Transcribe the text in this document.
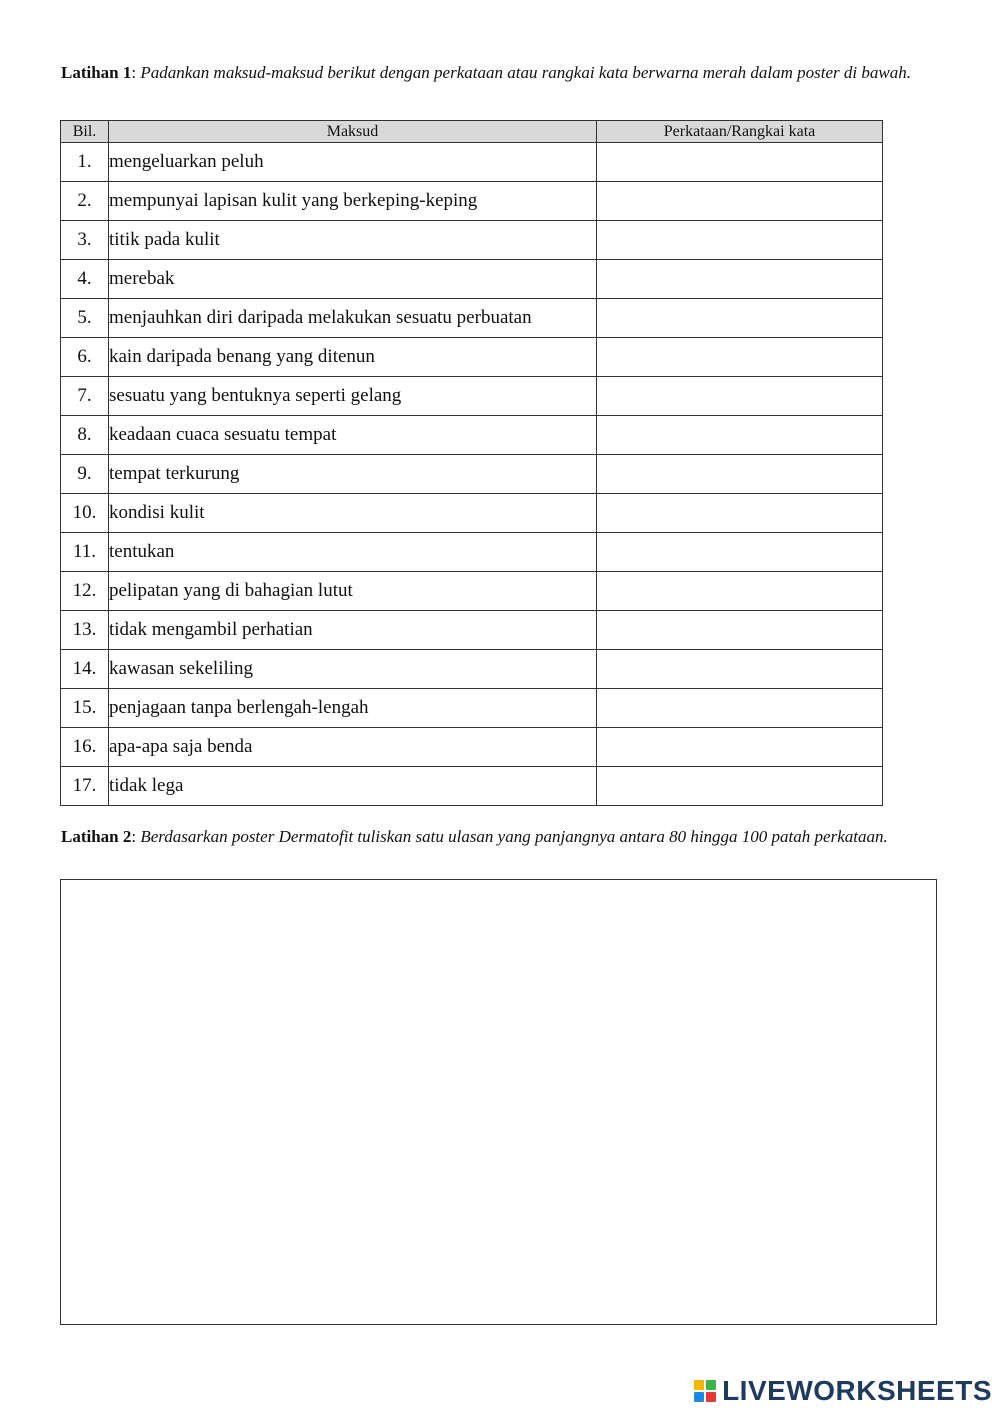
Latihan 1: Padankan maksud-maksud berikut dengan perkataan atau rangkai kata berwarna merah dalam poster di bawah.
Bil.	Maksud	Perkataan/Rangkai kata
1.	mengeluarkan peluh	
2.	mempunyai lapisan kulit yang berkeping-keping	
3.	titik pada kulit	
4.	merebak	
5.	menjauhkan diri daripada melakukan sesuatu perbuatan	
6.	kain daripada benang yang ditenun	
7.	sesuatu yang bentuknya seperti gelang	
8.	keadaan cuaca sesuatu tempat	
9.	tempat terkurung	
10.	kondisi kulit	
11.	tentukan	
12.	pelipatan yang di bahagian lutut	
13.	tidak mengambil perhatian	
14.	kawasan sekeliling	
15.	penjagaan tanpa berlengah-lengah	
16.	apa-apa saja benda	
17.	tidak lega	
Latihan 2: Berdasarkan poster Dermatofit tuliskan satu ulasan yang panjangnya antara 80 hingga 100 patah perkataan.
LIVEWORKSHEETS
